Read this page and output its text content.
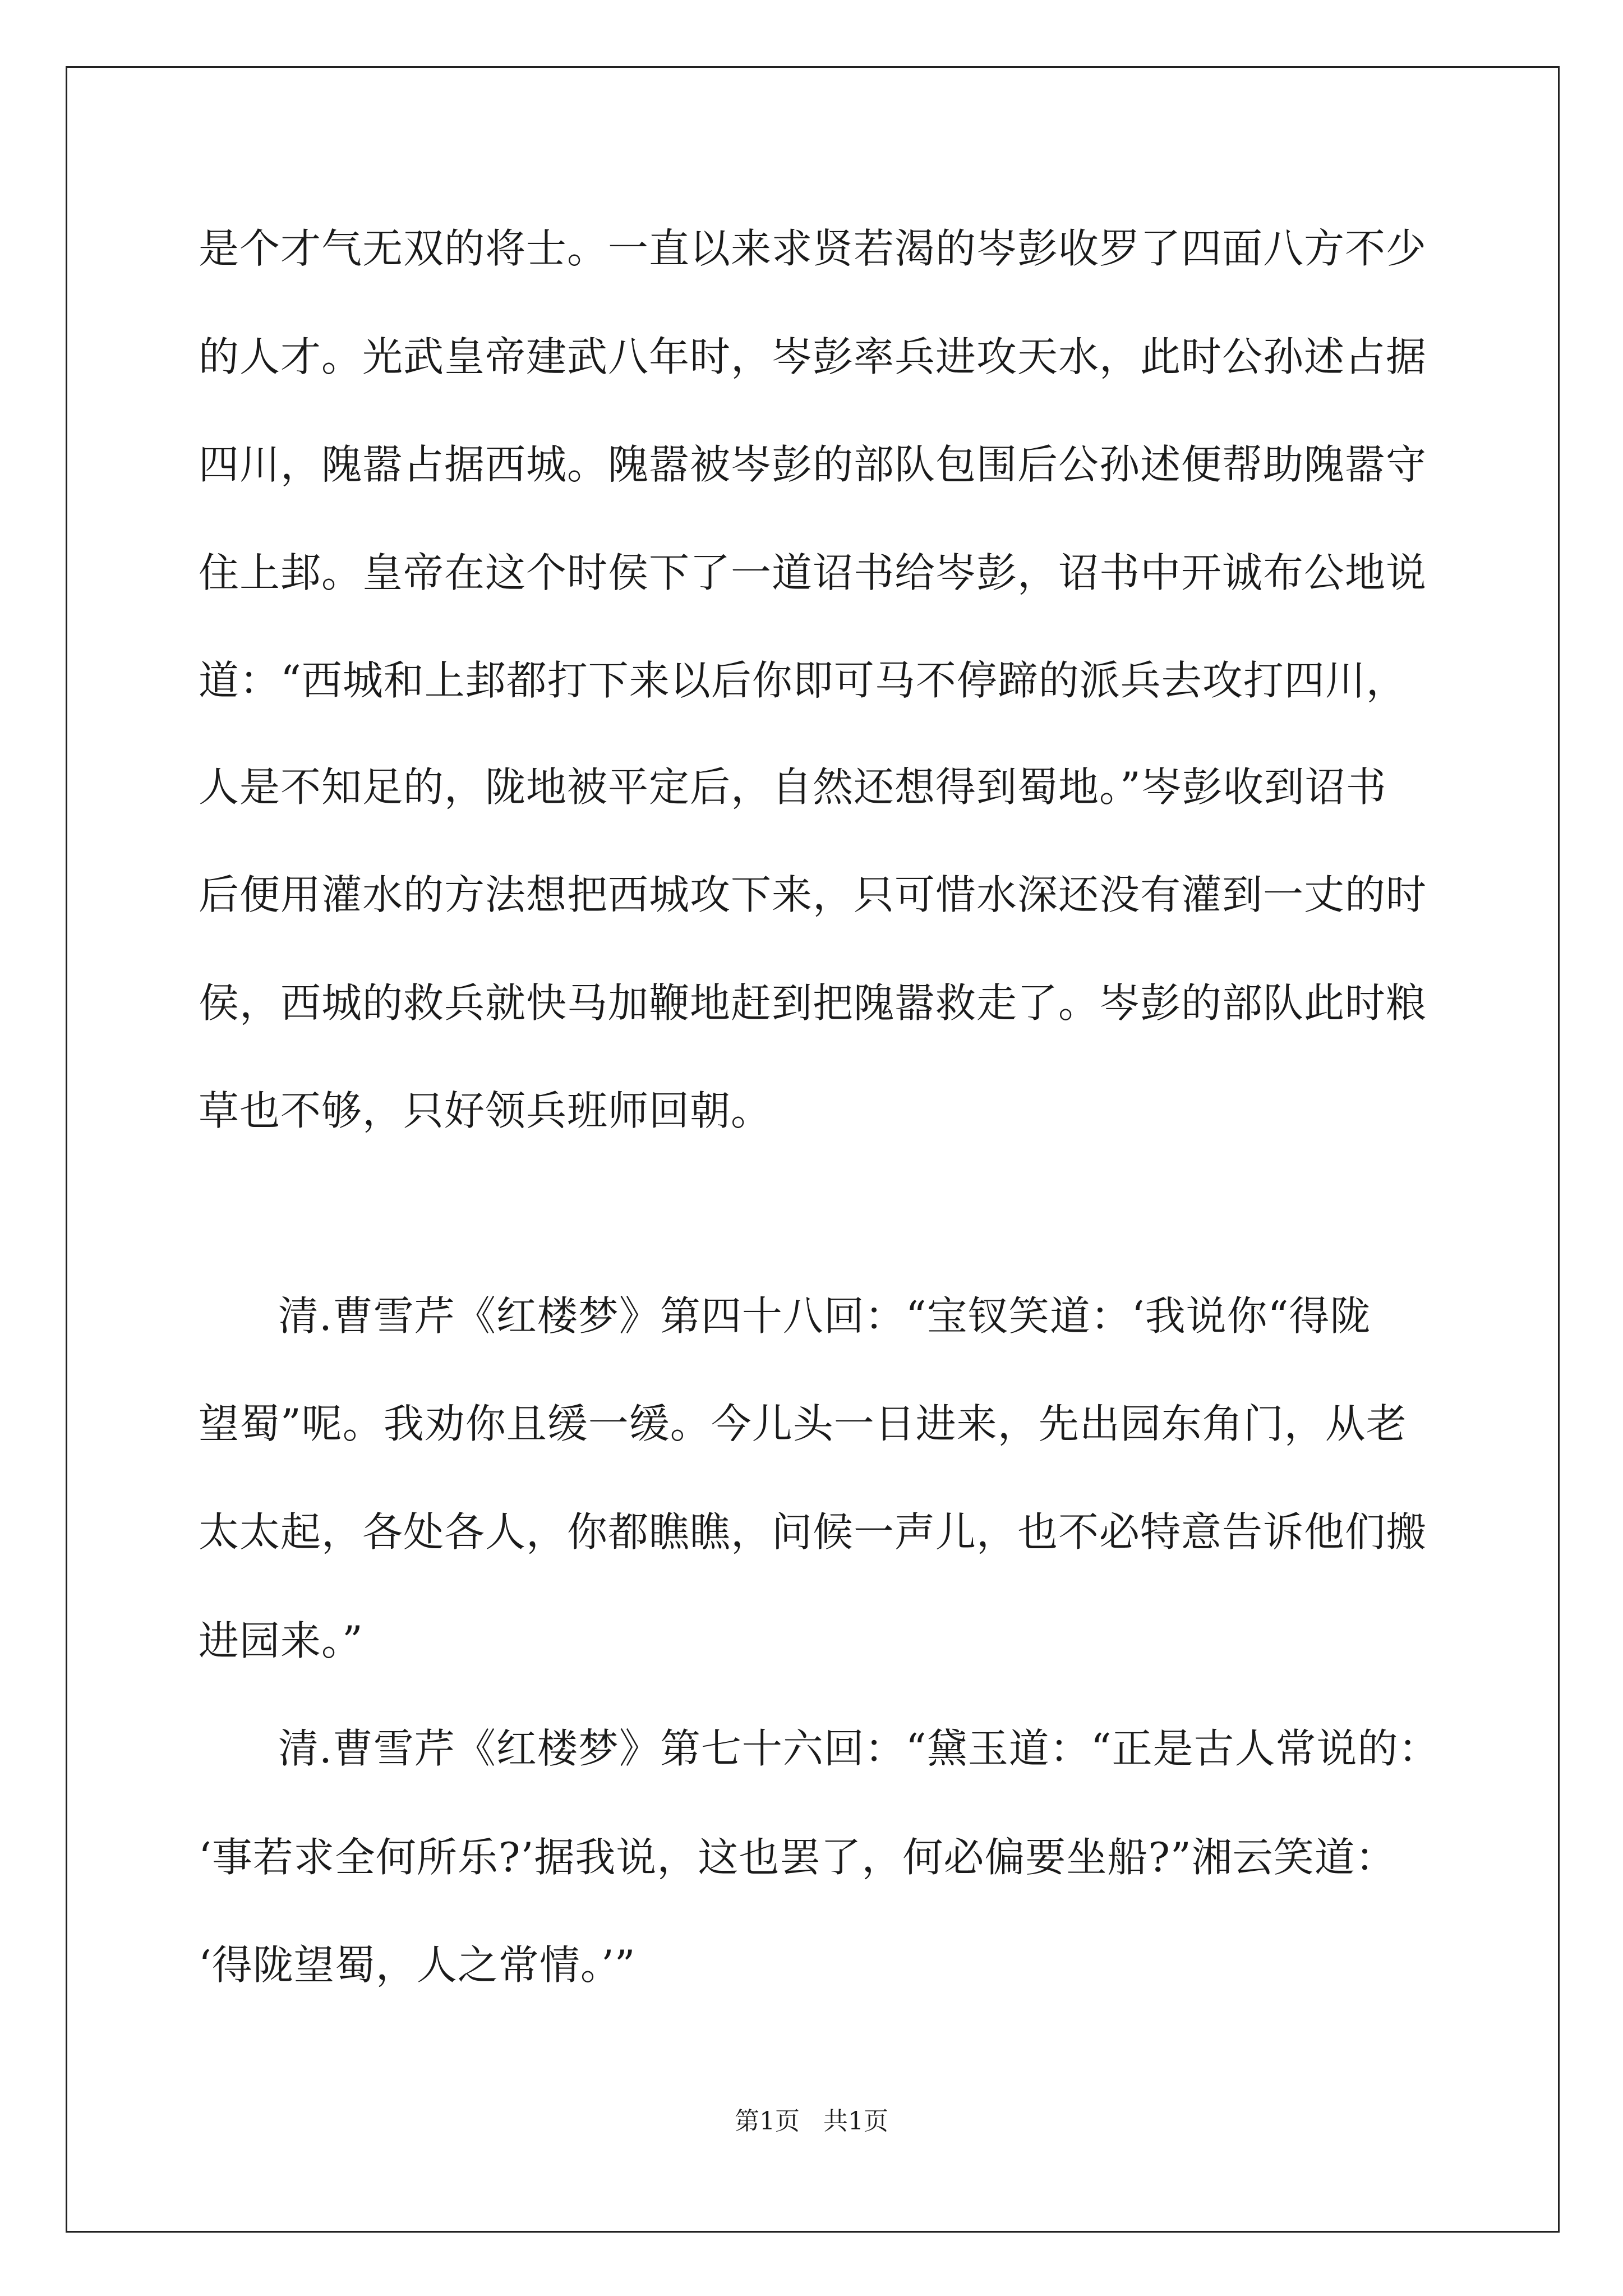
是个才气无双的将士。一直以来求贤若渴的岑彭收罗了四面八方不少
的人才。光武皇帝建武八年时，岑彭率兵进攻天水，此时公孙述占据
四川，隗嚣占据西城。隗嚣被岑彭的部队包围后公孙述便帮助隗嚣守
住上邽。皇帝在这个时侯下了一道诏书给岑彭，诏书中开诚布公地说
道：“西城和上邽都打下来以后你即可马不停蹄的派兵去攻打四川，
人是不知足的，陇地被平定后，自然还想得到蜀地。”岑彭收到诏书
后便用灌水的方法想把西城攻下来，只可惜水深还没有灌到一丈的时
侯，西城的救兵就快马加鞭地赶到把隗嚣救走了。岑彭的部队此时粮
草也不够，只好领兵班师回朝。
清.曹雪芹《红楼梦》第四十八回：“宝钗笑道：‘我说你“得陇
望蜀”呢。我劝你且缓一缓。今儿头一日进来，先出园东角门，从老
太太起，各处各人，你都瞧瞧，问候一声儿，也不必特意告诉他们搬
进园来。”
清.曹雪芹《红楼梦》第七十六回：“黛玉道：“正是古人常说的：
‘事若求全何所乐?’据我说，这也罢了，何必偏要坐船?”湘云笑道：
‘得陇望蜀，人之常情。’”
第1页   共1页
